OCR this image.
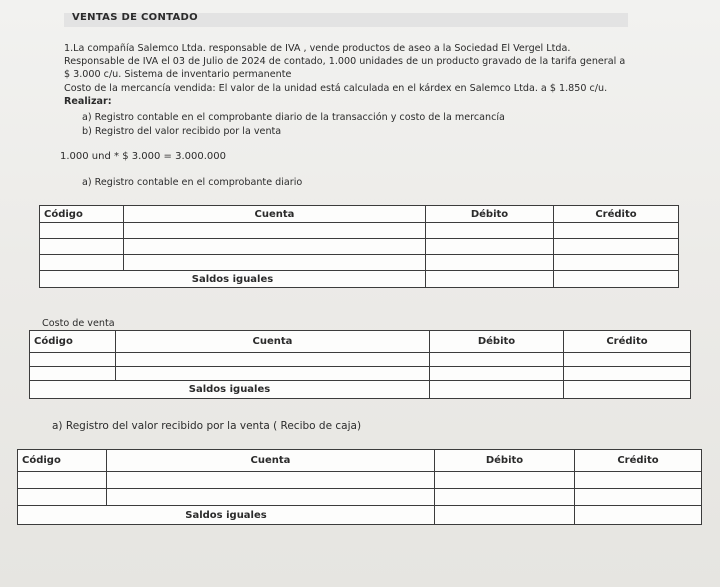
VENTAS DE CONTADO
1.La compañía Salemco Ltda. responsable de IVA , vende productos de aseo a la Sociedad El Vergel Ltda.
Responsable de IVA el 03 de Julio de 2024 de contado, 1.000 unidades de un producto gravado de la tarifa general a
$ 3.000 c/u. Sistema de inventario permanente
Costo de la mercancía vendida: El valor de la unidad está calculada en el kárdex en Salemco Ltda. a $ 1.850 c/u.
Realizar:
a) Registro contable en el comprobante diario de la transacción y costo de la mercancía
b) Registro del valor recibido por la venta
1.000 und * $ 3.000 = 3.000.000
a) Registro contable en el comprobante diario
Código	Cuenta	Débito	Crédito

Saldos iguales			
Costo de venta
Código	Cuenta	Débito	Crédito

Saldos iguales			
a) Registro del valor recibido por la venta ( Recibo de caja)
Código	Cuenta	Débito	Crédito

Saldos iguales			
